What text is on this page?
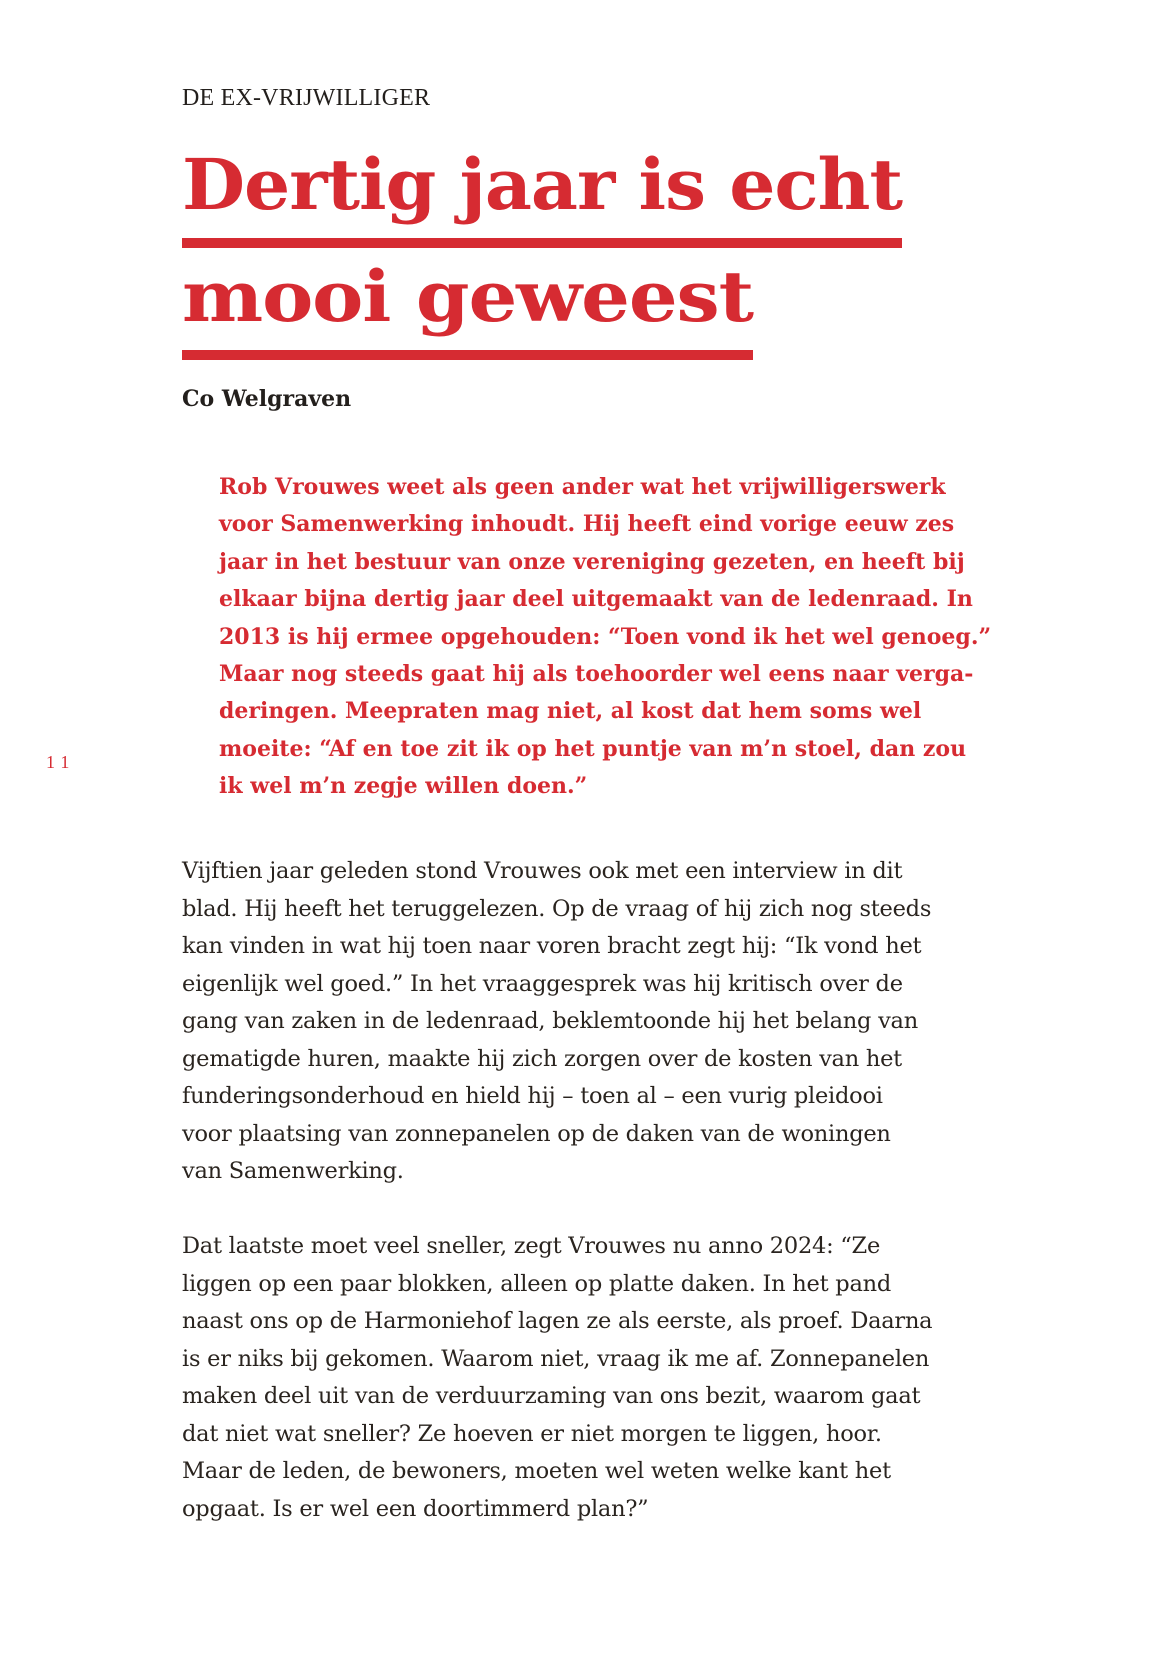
DE EX-VRIJWILLIGER
Dertig jaar is echt
mooi geweest
Co Welgraven

Rob Vrouwes weet als geen ander wat het vrijwilligerswerk
voor Samenwerking inhoudt. Hij heeft eind vorige eeuw zes
jaar in het bestuur van onze vereniging gezeten, en heeft bij
elkaar bijna dertig jaar deel uitgemaakt van de ledenraad. In
2013 is hij ermee opgehouden: “Toen vond ik het wel genoeg.”
Maar nog steeds gaat hij als toehoorder wel eens naar verga-
deringen. Meepraten mag niet, al kost dat hem soms wel
moeite: “Af en toe zit ik op het puntje van m’n stoel, dan zou
ik wel m’n zegje willen doen.”

Vijftien jaar geleden stond Vrouwes ook met een interview in dit
blad. Hij heeft het teruggelezen. Op de vraag of hij zich nog steeds
kan vinden in wat hij toen naar voren bracht zegt hij: “Ik vond het
eigenlijk wel goed.” In het vraaggesprek was hij kritisch over de
gang van zaken in de ledenraad, beklemtoonde hij het belang van
gematigde huren, maakte hij zich zorgen over de kosten van het
funderingsonderhoud en hield hij – toen al – een vurig pleidooi
voor plaatsing van zonnepanelen op de daken van de woningen
van Samenwerking.

Dat laatste moet veel sneller, zegt Vrouwes nu anno 2024: “Ze
liggen op een paar blokken, alleen op platte daken. In het pand
naast ons op de Harmoniehof lagen ze als eerste, als proef. Daarna
is er niks bij gekomen. Waarom niet, vraag ik me af. Zonnepanelen
maken deel uit van de verduurzaming van ons bezit, waarom gaat
dat niet wat sneller? Ze hoeven er niet morgen te liggen, hoor.
Maar de leden, de bewoners, moeten wel weten welke kant het
opgaat. Is er wel een doortimmerd plan?”

11
